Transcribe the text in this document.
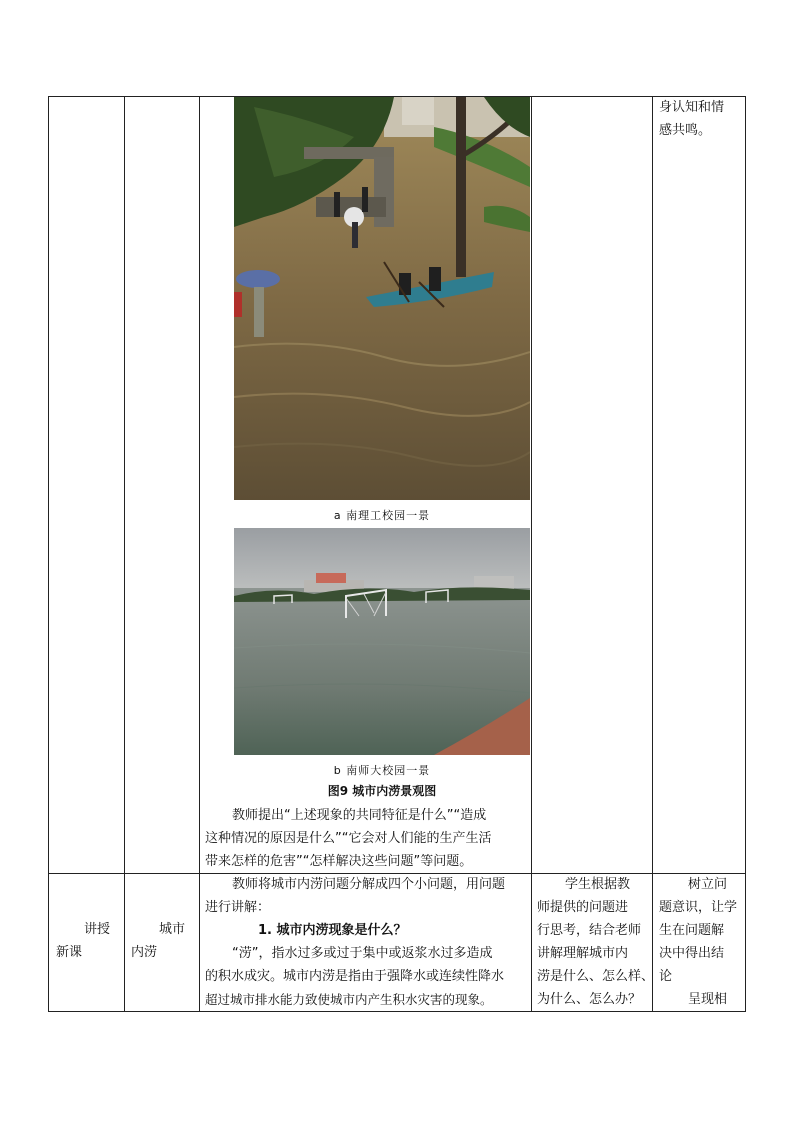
a 南理工校园一景
b 南师大校园一景
图9 城市内涝景观图
教师提出“上述现象的共同特征是什么”“造成
这种情况的原因是什么”“它会对人们能的生产生活
带来怎样的危害”“怎样解决这些问题”等问题。
身认知和情
感共鸣。
讲授
新课
城市
内涝
教师将城市内涝问题分解成四个小问题，用问题
进行讲解：
1. 城市内涝现象是什么？
“涝”，指水过多或过于集中或返浆水过多造成
的积水成灾。城市内涝是指由于强降水或连续性降水
超过城市排水能力致使城市内产生积水灾害的现象。
学生根据教
师提供的问题进
行思考，结合老师
讲解理解城市内
涝是什么、怎么样、
为什么、怎么办？
树立问
题意识，让学
生在问题解
决中得出结
论
呈现相
